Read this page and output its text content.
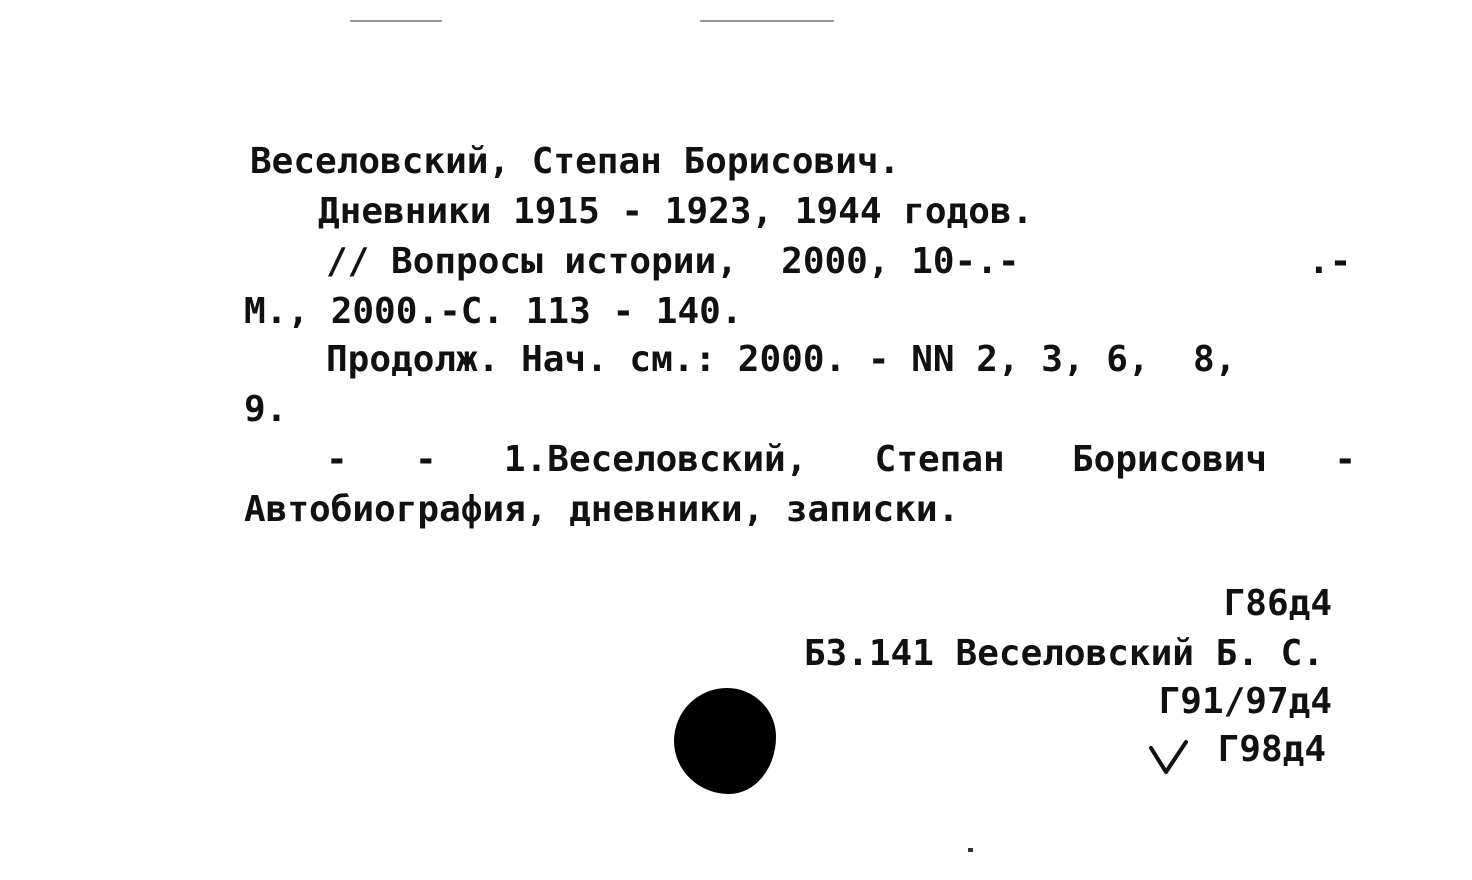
Веселовский, Степан Борисович.
Дневники 1915 - 1923, 1944 годов.
// Вопросы истории,  2000, 10-.-	.-
М., 2000.-С. 113 - 140.
Продолж. Нач. см.: 2000. - NN 2, 3, 6,  8,
9.
- - 1.Веселовский, Степан Борисович -
Автобиография, дневники, записки.
Г86д4
Б3.141 Веселовский Б. С.
Г91/97д4
Г98д4
